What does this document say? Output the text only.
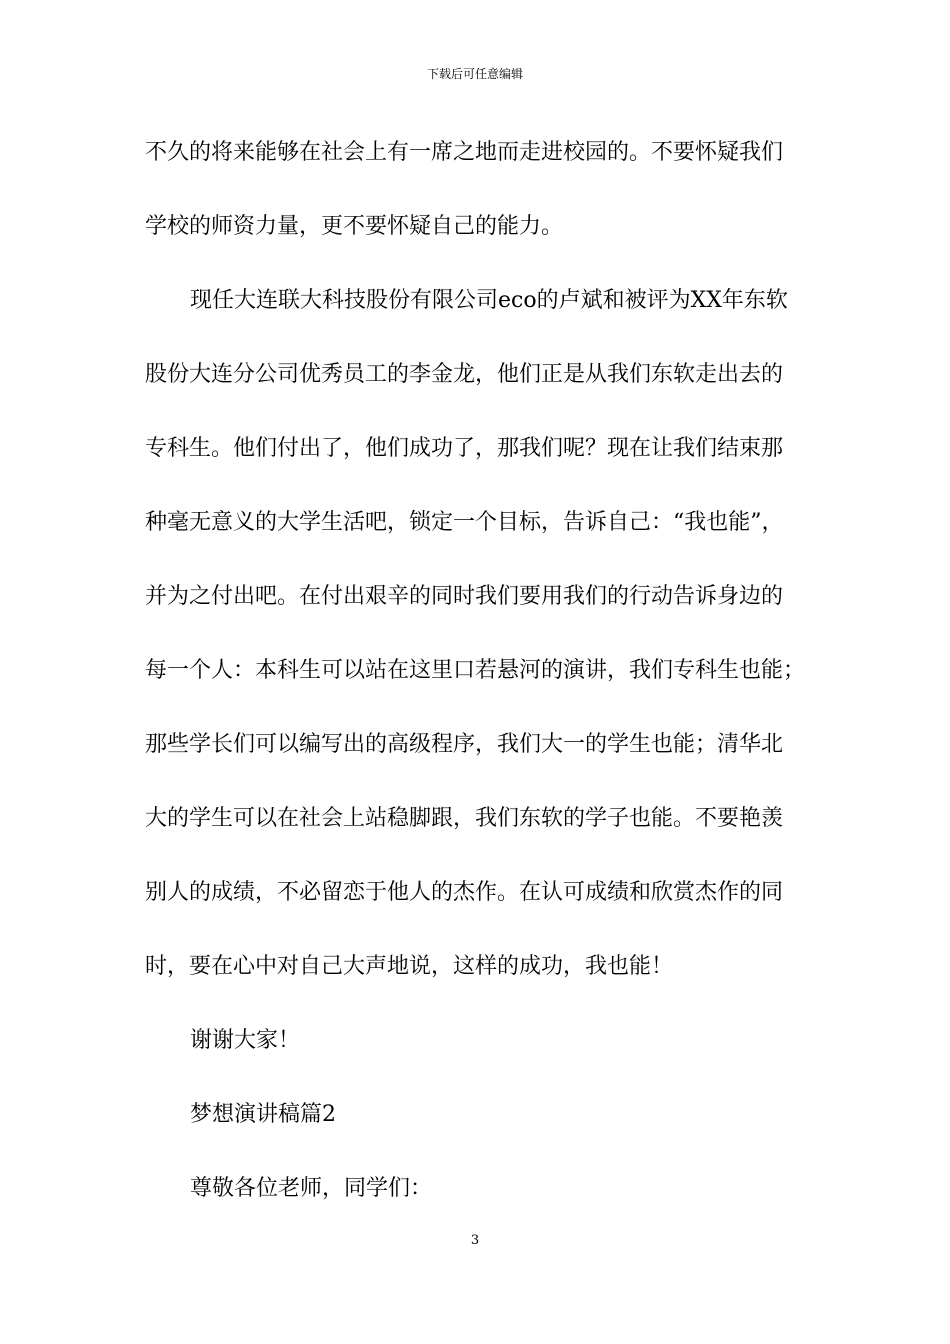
下载后可任意编辑
不久的将来能够在社会上有一席之地而走进校园的。不要怀疑我们
学校的师资力量，更不要怀疑自己的能力。
现任大连联大科技股份有限公司eco的卢斌和被评为XX年东软
股份大连分公司优秀员工的李金龙，他们正是从我们东软走出去的
专科生。他们付出了，他们成功了，那我们呢？现在让我们结束那
种毫无意义的大学生活吧，锁定一个目标，告诉自己：“我也能”，
并为之付出吧。在付出艰辛的同时我们要用我们的行动告诉身边的
每一个人：本科生可以站在这里口若悬河的演讲，我们专科生也能；
那些学长们可以编写出的高级程序，我们大一的学生也能；清华北
大的学生可以在社会上站稳脚跟，我们东软的学子也能。不要艳羡
别人的成绩，不必留恋于他人的杰作。在认可成绩和欣赏杰作的同
时，要在心中对自己大声地说，这样的成功，我也能！
谢谢大家！
梦想演讲稿篇2
尊敬各位老师，同学们：
3
